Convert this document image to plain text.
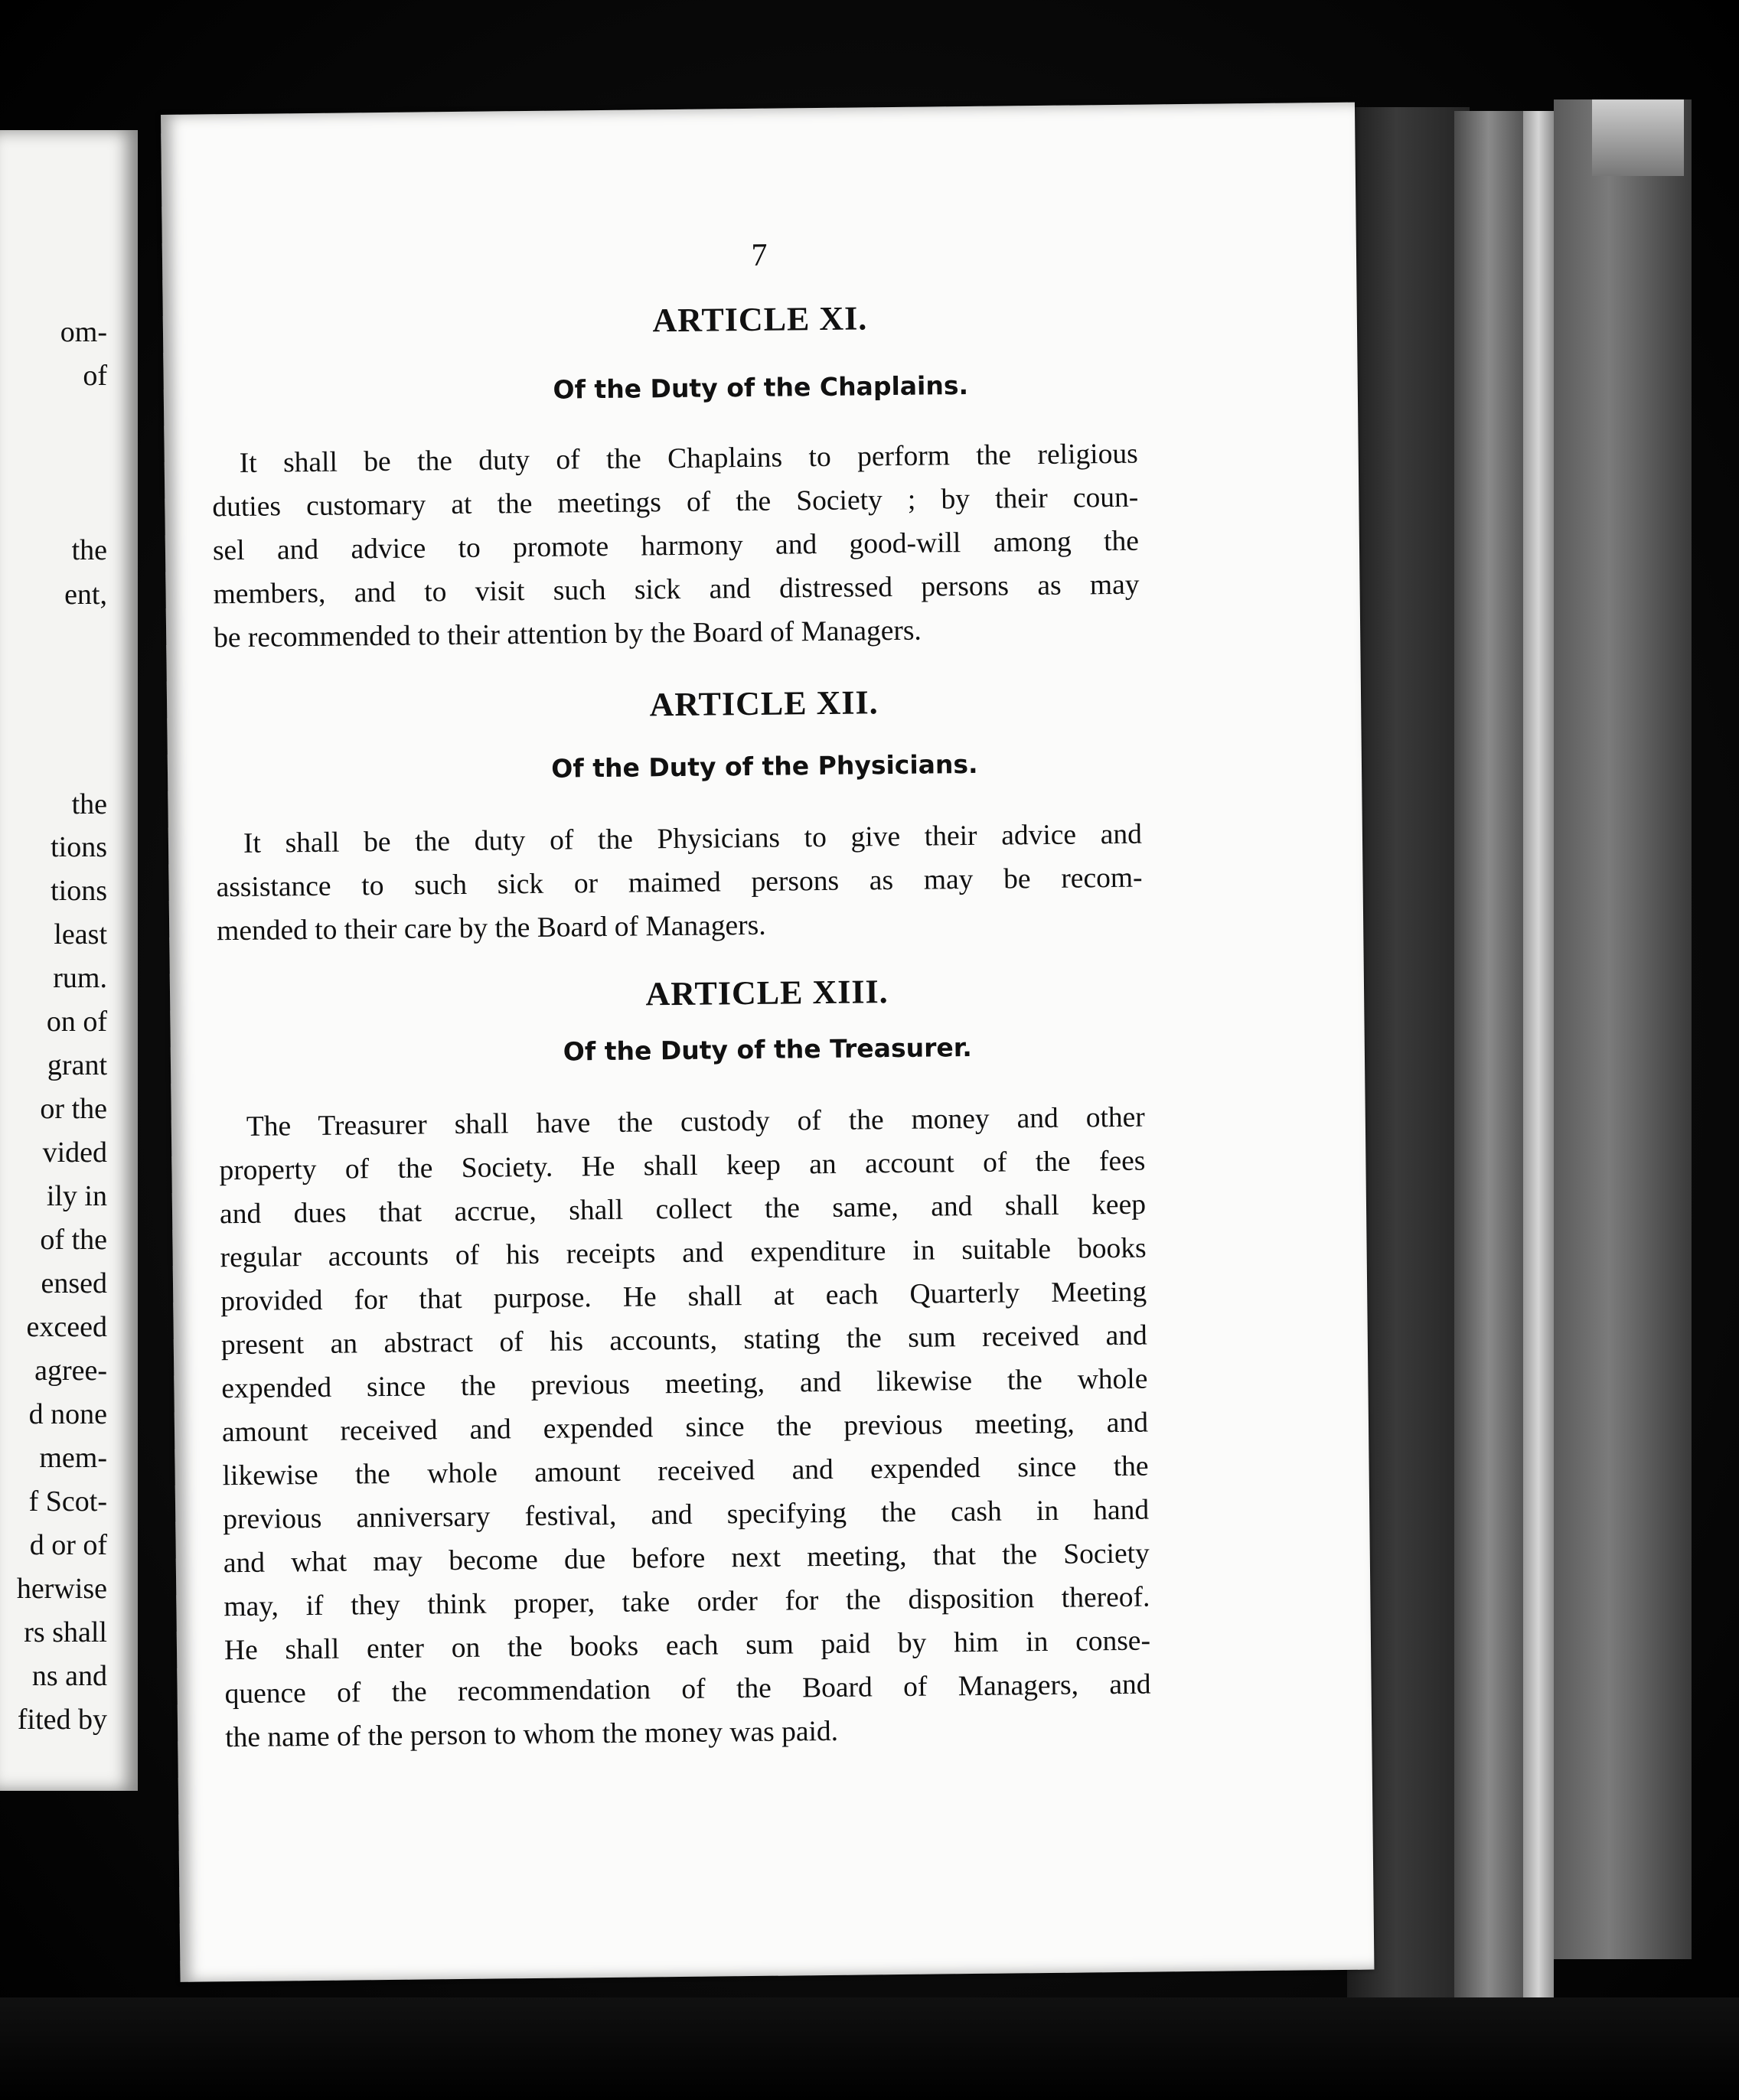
om-

of

the

ent,

the

tions

tions

least

rum.

on of

grant

or the

vided

ily in

of the

ensed

exceed

agree-

d none

mem-

f Scot-

d or of

herwise

rs shall

ns and

fited by

7

ARTICLE XI.
Of the Duty of the Chaplains.

It shall be the duty of the Chaplains to perform the religious

duties customary at the meetings of the Society ; by their coun-

sel and advice to promote harmony and good-will among the

members, and to visit such sick and distressed persons as may

be recommended to their attention by the Board of Managers.

ARTICLE XII.
Of the Duty of the Physicians.

It shall be the duty of the Physicians to give their advice and

assistance to such sick or maimed persons as may be recom-

mended to their care by the Board of Managers.

ARTICLE XIII.
Of the Duty of the Treasurer.

The Treasurer shall have the custody of the money and other

property of the Society. He shall keep an account of the fees

and dues that accrue, shall collect the same, and shall keep

regular accounts of his receipts and expenditure in suitable books

provided for that purpose. He shall at each Quarterly Meeting

present an abstract of his accounts, stating the sum received and

expended since the previous meeting, and likewise the whole

amount received and expended since the previous meeting, and

likewise the whole amount received and expended since the

previous anniversary festival, and specifying the cash in hand

and what may become due before next meeting, that the Society

may, if they think proper, take order for the disposition thereof.

He shall enter on the books each sum paid by him in conse-

quence of the recommendation of the Board of Managers, and

the name of the person to whom the money was paid.
